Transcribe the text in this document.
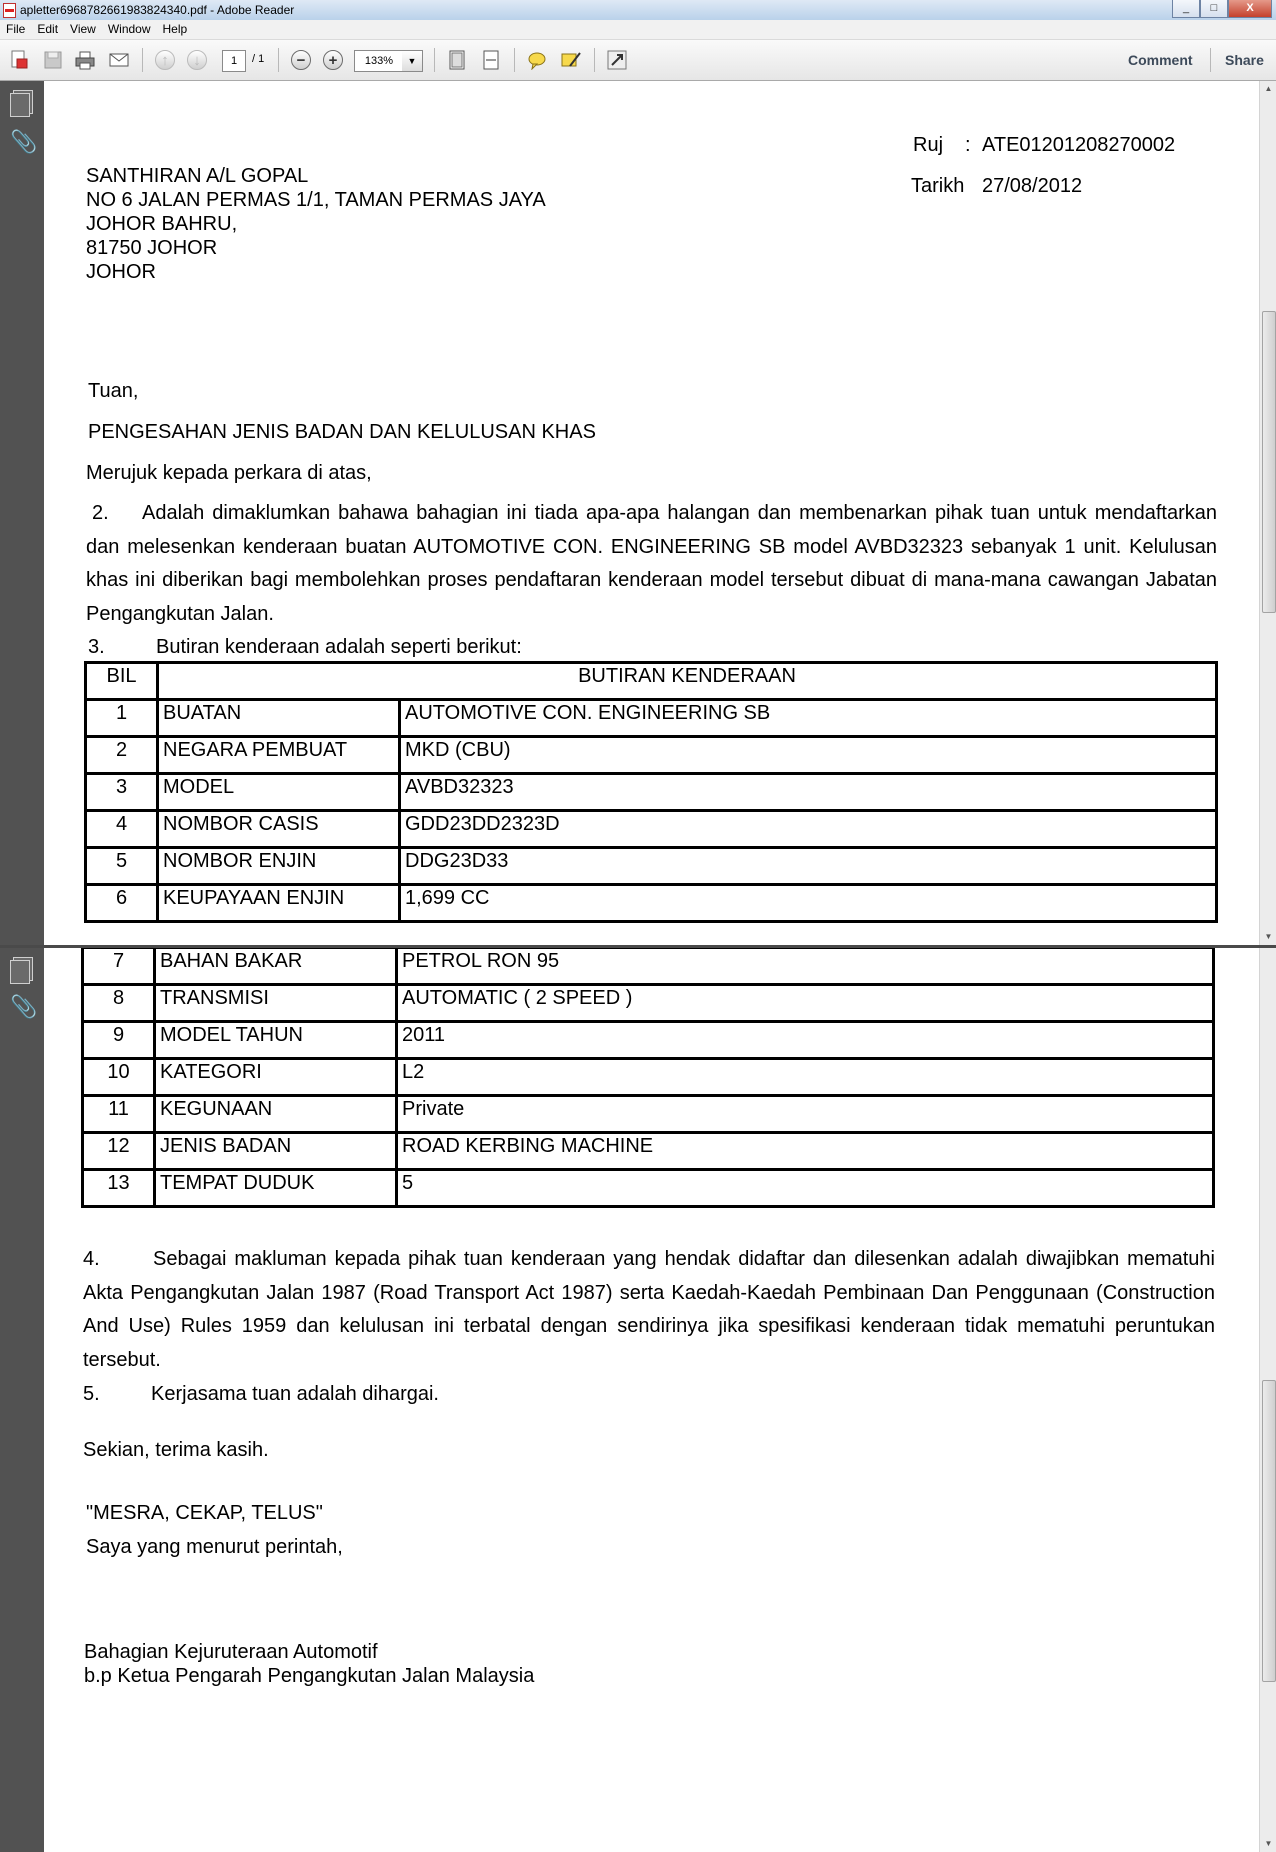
apletter6968782661983824340.pdf - Adobe Reader	_	□	X
File Edit View Window Help
↑	↓	1	/ 1	−	+	133%	▼	Comment Share
📎
▲
▼
Ruj : ATE01201208270002
Tarikh 27/08/2012
SANTHIRAN A/L GOPAL
NO 6 JALAN PERMAS 1/1, TAMAN PERMAS JAYA
JOHOR BAHRU,
81750 JOHOR
JOHOR
Tuan,
PENGESAHAN JENIS BADAN DAN KELULUSAN KHAS
Merujuk kepada perkara di atas,
2. Adalah dimaklumkan bahawa bahagian ini tiada apa-apa halangan dan membenarkan pihak tuan untuk mendaftarkan dan melesenkan kenderaan buatan AUTOMOTIVE CON. ENGINEERING SB model AVBD32323 sebanyak 1 unit. Kelulusan khas ini diberikan bagi membolehkan proses pendaftaran kenderaan model tersebut dibuat di mana-mana cawangan Jabatan Pengangkutan Jalan.
3.	Butiran kenderaan adalah seperti berikut:
BIL	BUTIRAN KENDERAAN	
1	BUATAN	AUTOMOTIVE CON. ENGINEERING SB
2	NEGARA PEMBUAT	MKD (CBU)
3	MODEL	AVBD32323
4	NOMBOR CASIS	GDD23DD2323D
5	NOMBOR ENJIN	DDG23D33
6	KEUPAYAAN ENJIN	1,699 CC
📎
▼
7	BAHAN BAKAR	PETROL RON 95
8	TRANSMISI	AUTOMATIC ( 2 SPEED )
9	MODEL TAHUN	2011
10	KATEGORI	L2
11	KEGUNAAN	Private
12	JENIS BADAN	ROAD KERBING MACHINE
13	TEMPAT DUDUK	5
4.	Sebagai makluman kepada pihak tuan kenderaan yang hendak didaftar dan dilesenkan adalah diwajibkan mematuhi Akta Pengangkutan Jalan 1987 (Road Transport Act 1987) serta Kaedah-Kaedah Pembinaan Dan Penggunaan (Construction And Use) Rules 1959 dan kelulusan ini terbatal dengan sendirinya jika spesifikasi kenderaan tidak mematuhi peruntukan tersebut.
5.	Kerjasama tuan adalah dihargai.
Sekian, terima kasih.
"MESRA, CEKAP, TELUS"
Saya yang menurut perintah,
Bahagian Kejuruteraan Automotif
b.p Ketua Pengarah Pengangkutan Jalan Malaysia
